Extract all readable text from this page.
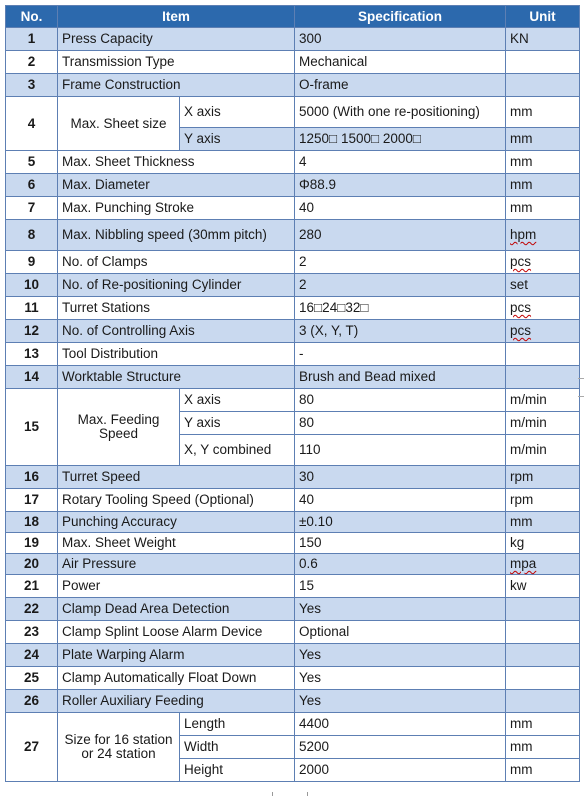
No.	Item		Specification	Unit
1	Press Capacity		300	KN
2	Transmission Type		Mechanical	
3	Frame Construction		O-frame	
4	Max. Sheet size	X axis	5000 (With one re-positioning)	mm
		Y axis	1250□ 1500□ 2000□	mm
5	Max. Sheet Thickness		4	mm
6	Max. Diameter		Φ88.9	mm
7	Max. Punching Stroke		40	mm
8	Max. Nibbling speed (30mm pitch)		280	hpm
9	No. of Clamps		2	pcs
10	No. of Re-positioning Cylinder		2	set
11	Turret Stations		16□24□32□	pcs
12	No. of Controlling Axis		3 (X, Y, T)	pcs
13	Tool Distribution		-	
14	Worktable Structure		Brush and Bead mixed	
15	Max. Feeding Speed	X axis	80	m/min
		Y axis	80	m/min
		X, Y combined	110	m/min
16	Turret Speed		30	rpm
17	Rotary Tooling Speed (Optional)		40	rpm
18	Punching Accuracy		±0.10	mm
19	Max. Sheet Weight		150	kg
20	Air Pressure		0.6	mpa
21	Power		15	kw
22	Clamp Dead Area Detection		Yes	
23	Clamp Splint Loose Alarm Device		Optional	
24	Plate Warping Alarm		Yes	
25	Clamp Automatically Float Down		Yes	
26	Roller Auxiliary Feeding		Yes	
27	Size for 16 station or 24 station	Length	4400	mm
		Width	5200	mm
		Height	2000	mm
